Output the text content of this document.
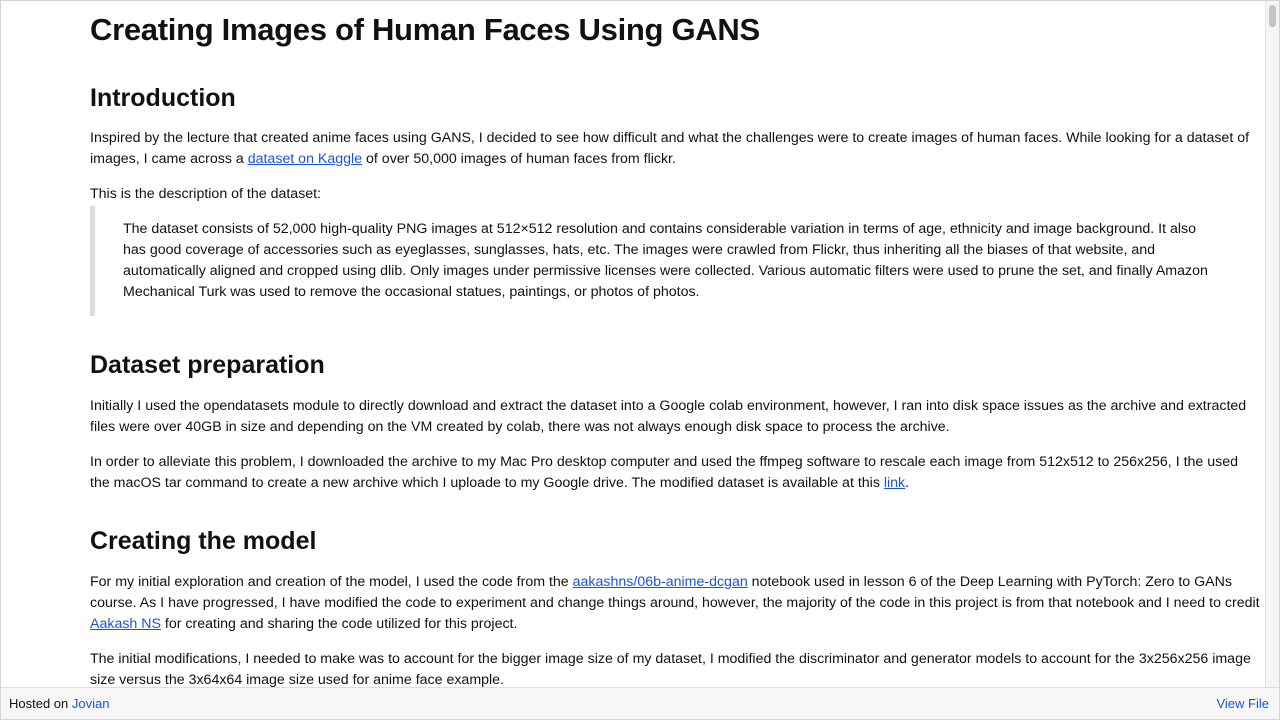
Creating Images of Human Faces Using GANS
Introduction

Inspired by the lecture that created anime faces using GANS, I decided to see how difficult and what the challenges were to create images of human faces. While looking for a dataset of images, I came across a dataset on Kaggle of over 50,000 images of human faces from flickr.

This is the description of the dataset:

The dataset consists of 52,000 high-quality PNG images at 512×512 resolution and contains considerable variation in terms of age, ethnicity and image background. It also has good coverage of accessories such as eyeglasses, sunglasses, hats, etc. The images were crawled from Flickr, thus inheriting all the biases of that website, and automatically aligned and cropped using dlib. Only images under permissive licenses were collected. Various automatic filters were used to prune the set, and finally Amazon Mechanical Turk was used to remove the occasional statues, paintings, or photos of photos.

Dataset preparation

Initially I used the opendatasets module to directly download and extract the dataset into a Google colab environment, however, I ran into disk space issues as the archive and extracted files were over 40GB in size and depending on the VM created by colab, there was not always enough disk space to process the archive.

In order to alleviate this problem, I downloaded the archive to my Mac Pro desktop computer and used the ffmpeg software to rescale each image from 512x512 to 256x256, I the used the macOS tar command to create a new archive which I uploade to my Google drive. The modified dataset is available at this link.

Creating the model

For my initial exploration and creation of the model, I used the code from the aakashns/06b-anime-dcgan notebook used in lesson 6 of the Deep Learning with PyTorch: Zero to GANs course. As I have progressed, I have modified the code to experiment and change things around, however, the majority of the code in this project is from that notebook and I need to credit Aakash NS for creating and sharing the code utilized for this project.

The initial modifications, I needed to make was to account for the bigger image size of my dataset, I modified the discriminator and generator models to account for the 3x256x256 image size versus the 3x64x64 image size used for anime face example.

Hosted on Jovian	View File
